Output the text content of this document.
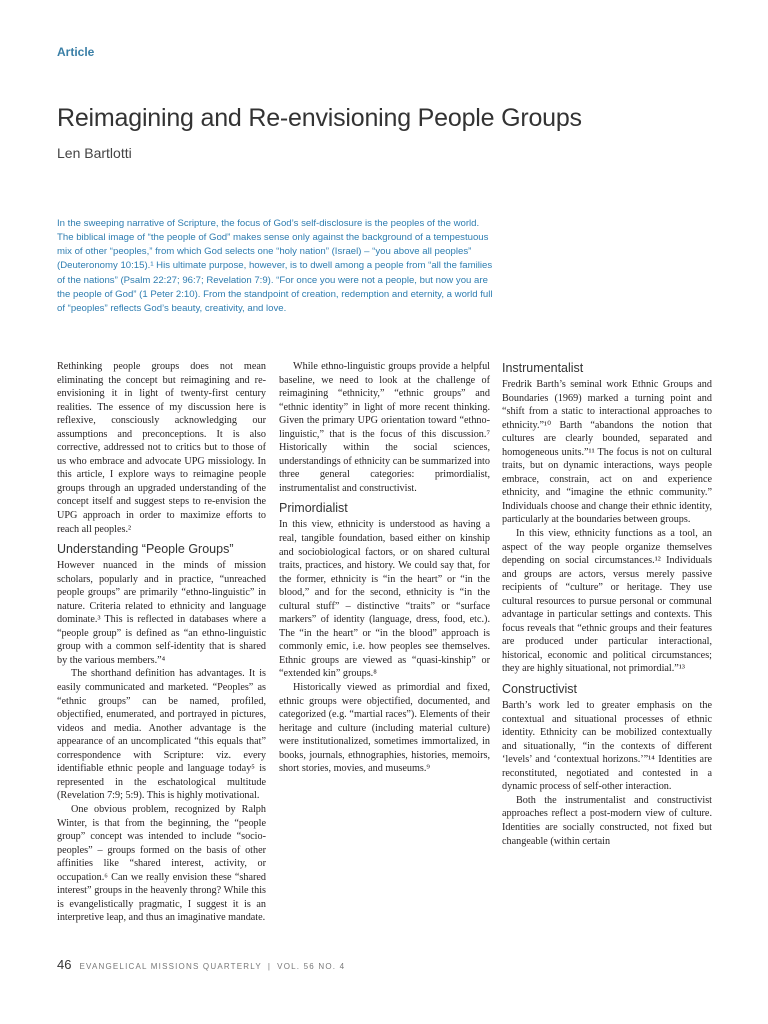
Article
Reimagining and Re-envisioning People Groups
Len Bartlotti

In the sweeping narrative of Scripture, the focus of God’s self-disclosure is the peoples of the world. The biblical image of “the people of God” makes sense only against the background of a tempestuous mix of other “peoples,” from which God selects one “holy nation” (Israel) – “you above all peoples” (Deuteronomy 10:15).¹ His ultimate purpose, however, is to dwell among a people from “all the families of the nations” (Psalm 22:27; 96:7; Revelation 7:9). “For once you were not a people, but now you are the people of God” (1 Peter 2:10). From the standpoint of creation, redemption and eternity, a world full of “peoples” reflects God’s beauty, creativity, and love.

Rethinking people groups does not mean eliminating the concept but reimagining and re-envisioning it in light of twenty-first century realities. The essence of my discussion here is reflexive, consciously acknowledging our assumptions and preconceptions. It is also corrective, addressed not to critics but to those of us who embrace and advocate UPG missiology. In this article, I explore ways to reimagine people groups through an upgraded understanding of the concept itself and suggest steps to re-envision the UPG approach in order to maximize efforts to reach all peoples.²

Understanding “People Groups”

However nuanced in the minds of mission scholars, popularly and in practice, “unreached people groups” are primarily “ethno-linguistic” in nature. Criteria related to ethnicity and language dominate.³ This is reflected in databases where a “people group” is defined as “an ethno-linguistic group with a common self-identity that is shared by the various members.”⁴

The shorthand definition has advantages. It is easily communicated and marketed. “Peoples” as “ethnic groups” can be named, profiled, objectified, enumerated, and portrayed in pictures, videos and media. Another advantage is the appearance of an uncomplicated “this equals that” correspondence with Scripture: viz. every identifiable ethnic people and language today⁵ is represented in the eschatological multitude (Revelation 7:9; 5:9). This is highly motivational.

One obvious problem, recognized by Ralph Winter, is that from the beginning, the “people group” concept was intended to include “socio-peoples” – groups formed on the basis of other affinities like “shared interest, activity, or occupation.⁶ Can we really envision these “shared interest” groups in the heavenly throng? While this is evangelistically pragmatic, I suggest it is an interpretive leap, and thus an imaginative mandate.

While ethno-linguistic groups provide a helpful baseline, we need to look at the challenge of reimagining “ethnicity,” “ethnic groups” and “ethnic identity” in light of more recent thinking. Given the primary UPG orientation toward “ethno-linguistic,” that is the focus of this discussion.⁷ Historically within the social sciences, understandings of ethnicity can be summarized into three general categories: primordialist, instrumentalist and constructivist.

Primordialist

In this view, ethnicity is understood as having a real, tangible foundation, based either on kinship and sociobiological factors, or on shared cultural traits, practices, and history. We could say that, for the former, ethnicity is “in the heart” or “in the blood,” and for the second, ethnicity is “in the cultural stuff” – distinctive “traits” or “surface markers” of identity (language, dress, food, etc.). The “in the heart” or “in the blood” approach is commonly emic, i.e. how peoples see themselves. Ethnic groups are viewed as “quasi-kinship” or “extended kin” groups.⁸

Historically viewed as primordial and fixed, ethnic groups were objectified, documented, and categorized (e.g. “martial races”). Elements of their heritage and culture (including material culture) were institutionalized, sometimes immortalized, in books, journals, ethnographies, histories, memoirs, short stories, movies, and museums.⁹

Instrumentalist

Fredrik Barth’s seminal work Ethnic Groups and Boundaries (1969) marked a turning point and “shift from a static to interactional approaches to ethnicity.”¹⁰ Barth “abandons the notion that cultures are clearly bounded, separated and homogeneous units.”¹¹ The focus is not on cultural traits, but on dynamic interactions, ways people embrace, constrain, act on and experience ethnicity, and “imagine the ethnic community.” Individuals choose and change their ethnic identity, particularly at the boundaries between groups.

In this view, ethnicity functions as a tool, an aspect of the way people organize themselves depending on social circumstances.¹² Individuals and groups are actors, versus merely passive recipients of “culture” or heritage. They use cultural resources to pursue personal or communal advantage in particular settings and contexts. This focus reveals that “ethnic groups and their features are produced under particular interactional, historical, economic and political circumstances; they are highly situational, not primordial.”¹³

Constructivist

Barth’s work led to greater emphasis on the contextual and situational processes of ethnic identity. Ethnicity can be mobilized contextually and situationally, “in the contexts of different ‘levels’ and ‘contextual horizons.’”¹⁴ Identities are reconstituted, negotiated and contested in a dynamic process of self-other interaction.

Both the instrumentalist and constructivist approaches reflect a post-modern view of culture. Identities are socially constructed, not fixed but changeable (within certain

46 EVANGELICAL MISSIONS QUARTERLY | VOL. 56 NO. 4
